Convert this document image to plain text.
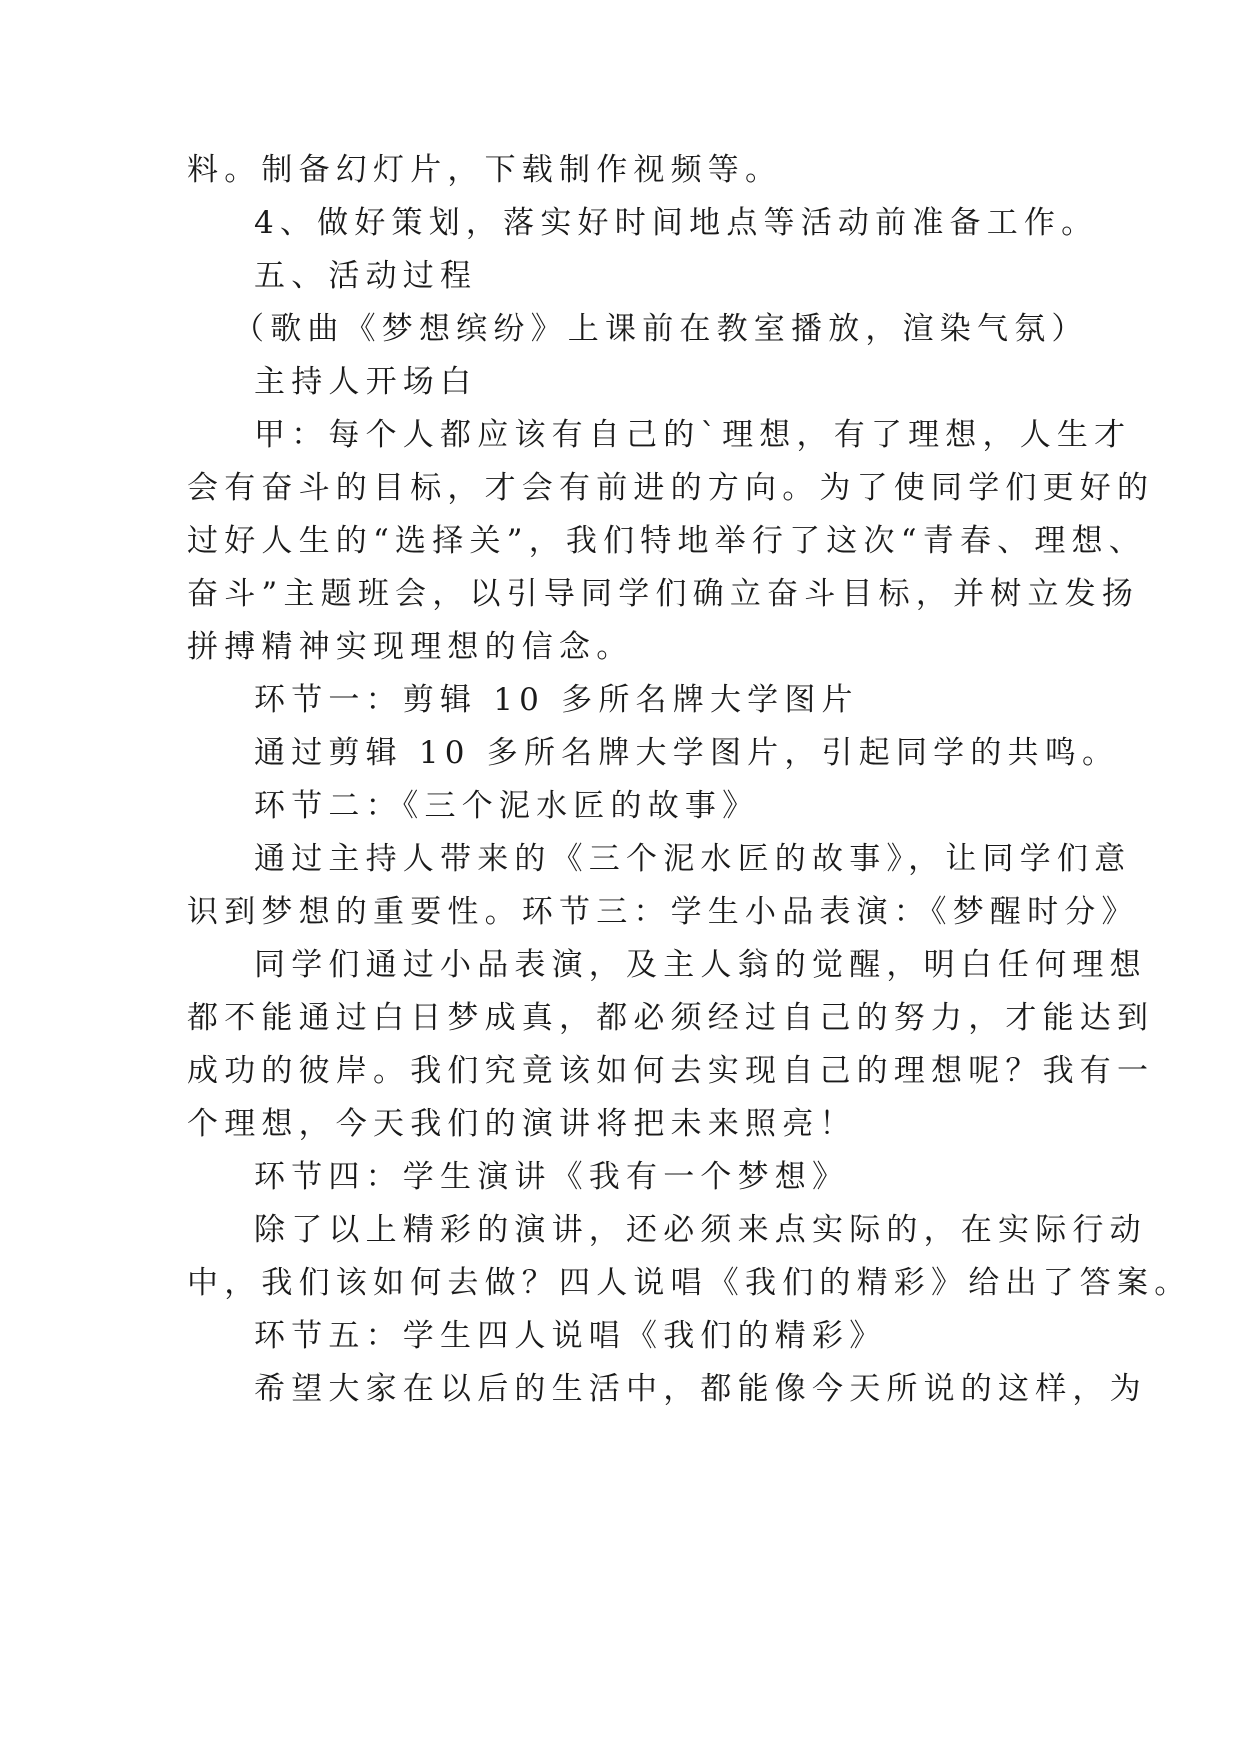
料。制备幻灯片，下载制作视频等。
4、做好策划，落实好时间地点等活动前准备工作。
五、活动过程
（歌曲《梦想缤纷》上课前在教室播放，渲染气氛）
主持人开场白
甲：每个人都应该有自己的`理想，有了理想，人生才
会有奋斗的目标，才会有前进的方向。为了使同学们更好的
过好人生的“选择关”，我们特地举行了这次“青春、理想、
奋斗”主题班会，以引导同学们确立奋斗目标，并树立发扬
拼搏精神实现理想的信念。
环节一：剪辑 10 多所名牌大学图片
通过剪辑 10 多所名牌大学图片，引起同学的共鸣。
环节二：《三个泥水匠的故事》
通过主持人带来的《三个泥水匠的故事》，让同学们意
识到梦想的重要性。环节三：学生小品表演：《梦醒时分》
同学们通过小品表演，及主人翁的觉醒，明白任何理想
都不能通过白日梦成真，都必须经过自己的努力，才能达到
成功的彼岸。我们究竟该如何去实现自己的理想呢？我有一
个理想，今天我们的演讲将把未来照亮！
环节四：学生演讲《我有一个梦想》
除了以上精彩的演讲，还必须来点实际的，在实际行动
中，我们该如何去做？四人说唱《我们的精彩》给出了答案。
环节五：学生四人说唱《我们的精彩》
希望大家在以后的生活中，都能像今天所说的这样，为
